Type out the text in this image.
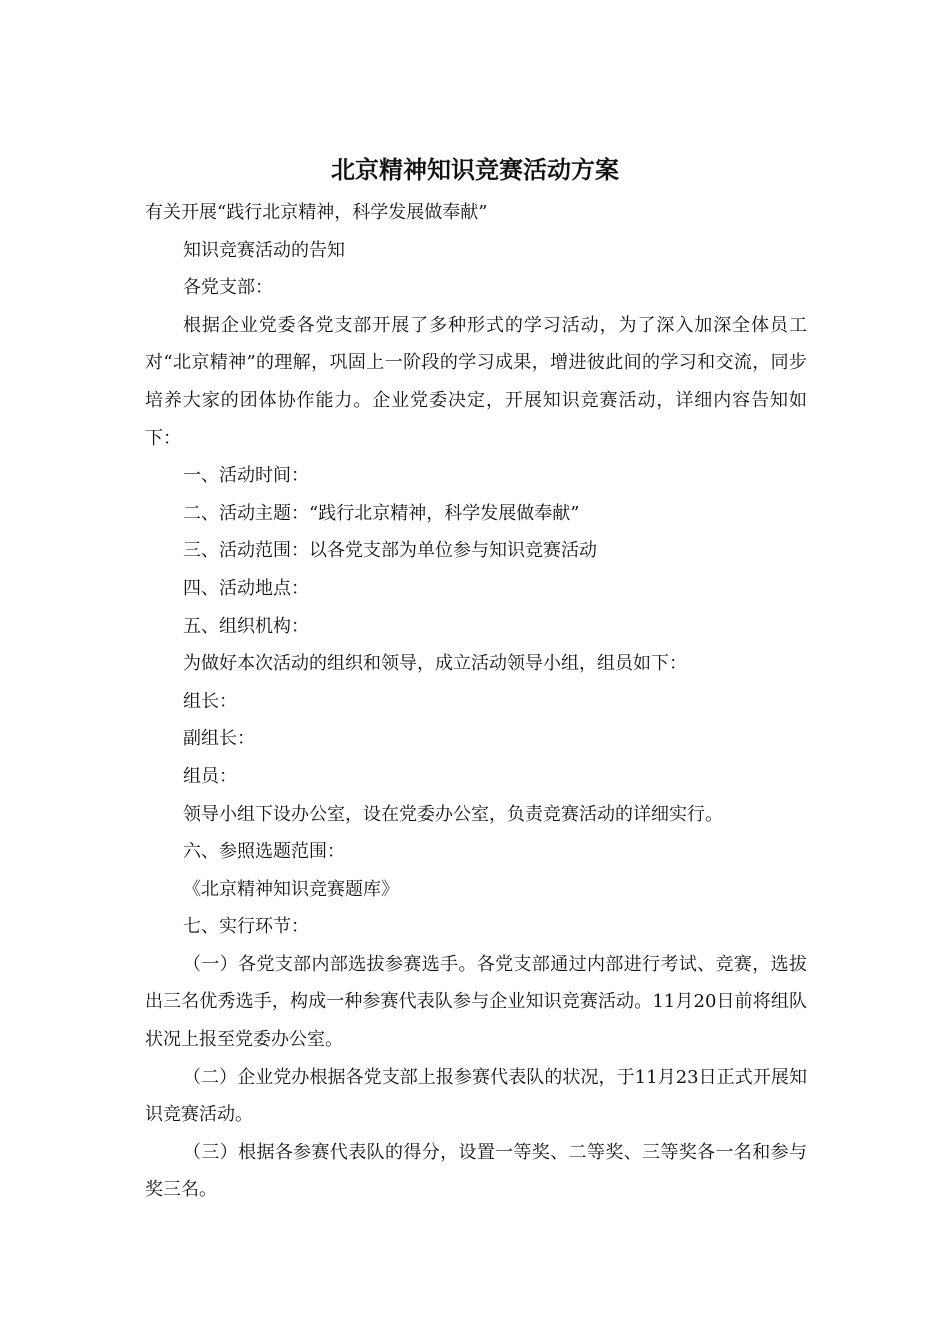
北京精神知识竞赛活动方案

有关开展“践行北京精神，科学发展做奉献”

知识竞赛活动的告知

各党支部：

根据企业党委各党支部开展了多种形式的学习活动，为了深入加深全体员工对“北京精神”的理解，巩固上一阶段的学习成果，增进彼此间的学习和交流，同步培养大家的团体协作能力。企业党委决定，开展知识竞赛活动，详细内容告知如下：

一、活动时间：

二、活动主题：“践行北京精神，科学发展做奉献”

三、活动范围：以各党支部为单位参与知识竞赛活动

四、活动地点：

五、组织机构：

为做好本次活动的组织和领导，成立活动领导小组，组员如下：

组长：

副组长：

组员：

领导小组下设办公室，设在党委办公室，负责竞赛活动的详细实行。

六、参照选题范围：

《北京精神知识竞赛题库》

七、实行环节：

（一）各党支部内部选拔参赛选手。各党支部通过内部进行考试、竞赛，选拔出三名优秀选手，构成一种参赛代表队参与企业知识竞赛活动。11月20日前将组队状况上报至党委办公室。

（二）企业党办根据各党支部上报参赛代表队的状况，于11月23日正式开展知识竞赛活动。

（三）根据各参赛代表队的得分，设置一等奖、二等奖、三等奖各一名和参与奖三名。
